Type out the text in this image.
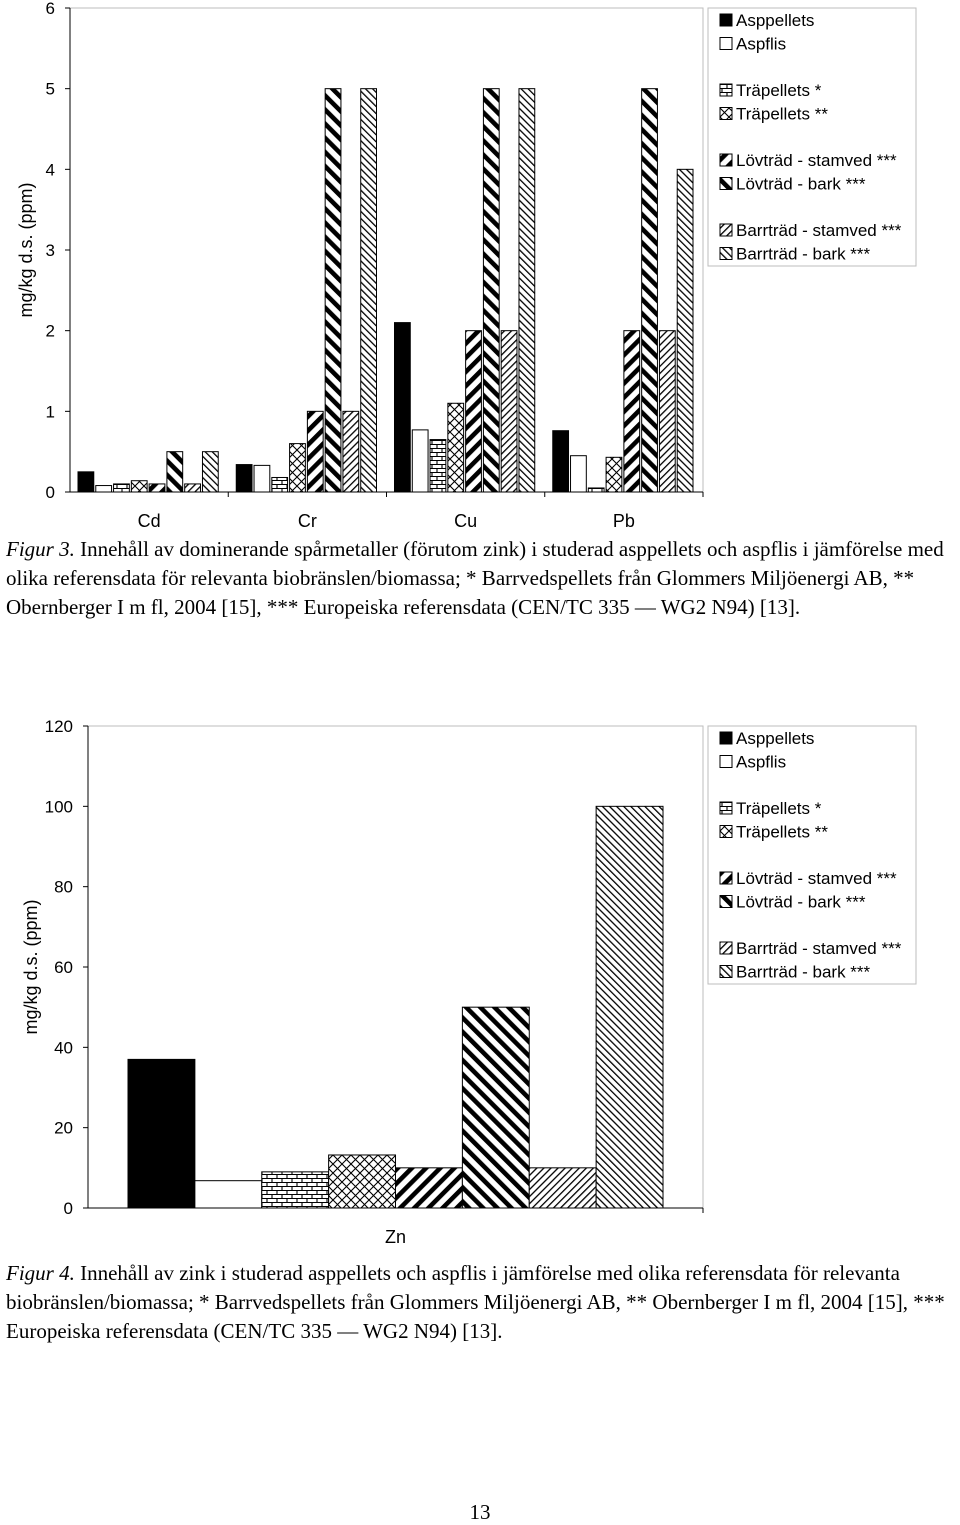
0
1
2
3
4
5
6
mg/kg d.s. (ppm)
Cd	Cr	Cu	Pb
Asppellets
Aspflis
Träpellets *
Träpellets **
Lövträd - stamved ***
Lövträd - bark ***
Barrträd - stamved ***
Barrträd - bark ***
Figur 3. Innehåll av dominerande spårmetaller (förutom zink) i studerad asppellets och aspflis i jämförelse med olika referensdata för relevanta biobränslen/biomassa; * Barrvedspellets från Glommers Miljöenergi AB, ** Obernberger I m fl, 2004 [15], *** Europeiska referensdata (CEN/TC 335 — WG2 N94) [13].
0
20
40
60
80
100
120
mg/kg d.s. (ppm)
Zn
Asppellets
Aspflis
Träpellets *
Träpellets **
Lövträd - stamved ***
Lövträd - bark ***
Barrträd - stamved ***
Barrträd - bark ***
Figur 4. Innehåll av zink i studerad asppellets och aspflis i jämförelse med olika referensdata för relevanta biobränslen/biomassa; * Barrvedspellets från Glommers Miljöenergi AB, ** Obernberger I m fl, 2004 [15], *** Europeiska referensdata (CEN/TC 335 — WG2 N94) [13].
13
